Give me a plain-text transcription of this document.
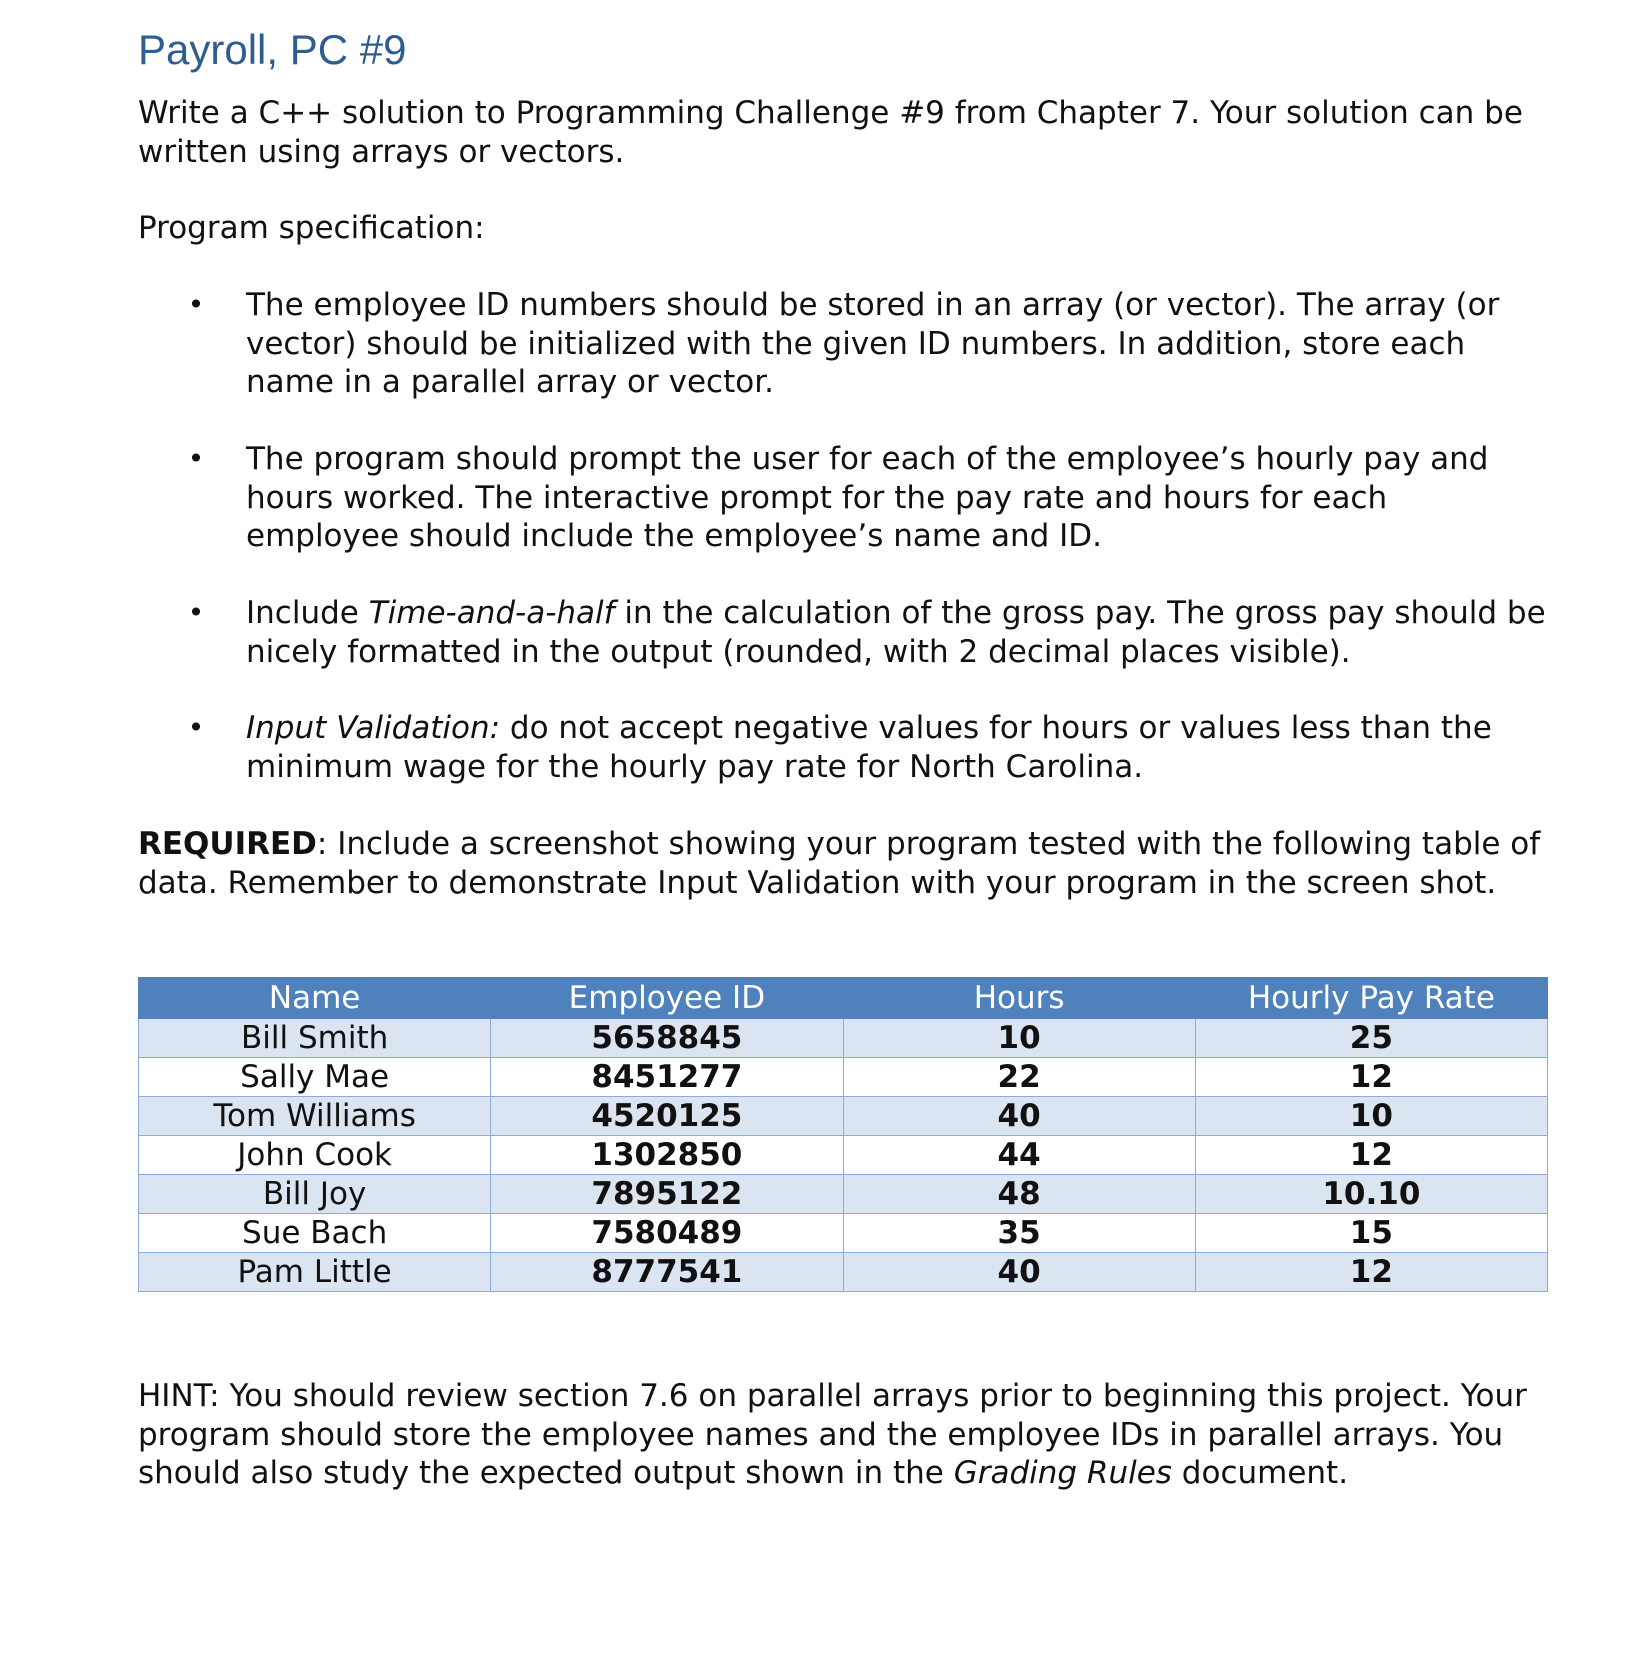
Payroll, PC #9

Write a C++ solution to Programming Challenge #9 from Chapter 7. Your solution can be written using arrays or vectors.

Program specification:

• The employee ID numbers should be stored in an array (or vector). The array (or vector) should be initialized with the given ID numbers. In addition, store each name in a parallel array or vector.
• The program should prompt the user for each of the employee’s hourly pay and hours worked. The interactive prompt for the pay rate and hours for each employee should include the employee’s name and ID.
• Include Time-and-a-half in the calculation of the gross pay. The gross pay should be nicely formatted in the output (rounded, with 2 decimal places visible).
• Input Validation: do not accept negative values for hours or values less than the minimum wage for the hourly pay rate for North Carolina.

REQUIRED: Include a screenshot showing your program tested with the following table of data. Remember to demonstrate Input Validation with your program in the screen shot.

Name	Employee ID	Hours	Hourly Pay Rate
Bill Smith	5658845	10	25
Sally Mae	8451277	22	12
Tom Williams	4520125	40	10
John Cook	1302850	44	12
Bill Joy	7895122	48	10.10
Sue Bach	7580489	35	15
Pam Little	8777541	40	12

HINT: You should review section 7.6 on parallel arrays prior to beginning this project. Your program should store the employee names and the employee IDs in parallel arrays. You should also study the expected output shown in the Grading Rules document.
